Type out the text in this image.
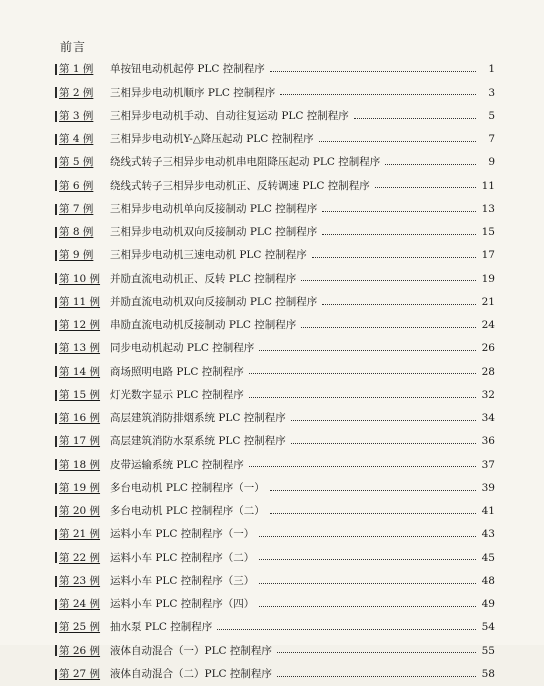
前言
第 1 例	单按钮电动机起停 PLC 控制程序	1
第 2 例	三相异步电动机顺序 PLC 控制程序	3
第 3 例	三相异步电动机手动、自动往复运动 PLC 控制程序	5
第 4 例	三相异步电动机Y-△降压起动 PLC 控制程序	7
第 5 例	绕线式转子三相异步电动机串电阻降压起动 PLC 控制程序	9
第 6 例	绕线式转子三相异步电动机正、反转调速 PLC 控制程序	11
第 7 例	三相异步电动机单向反接制动 PLC 控制程序	13
第 8 例	三相异步电动机双向反接制动 PLC 控制程序	15
第 9 例	三相异步电动机三速电动机 PLC 控制程序	17
第 10 例 并励直流电动机正、反转 PLC 控制程序	19
第 11 例 并励直流电动机双向反接制动 PLC 控制程序	21
第 12 例 串励直流电动机反接制动 PLC 控制程序	24
第 13 例 同步电动机起动 PLC 控制程序	26
第 14 例 商场照明电路 PLC 控制程序	28
第 15 例 灯光数字显示 PLC 控制程序	32
第 16 例 高层建筑消防排烟系统 PLC 控制程序	34
第 17 例 高层建筑消防水泵系统 PLC 控制程序	36
第 18 例 皮带运输系统 PLC 控制程序	37
第 19 例 多台电动机 PLC 控制程序（一）	39
第 20 例 多台电动机 PLC 控制程序（二）	41
第 21 例 运料小车 PLC 控制程序（一）	43
第 22 例 运料小车 PLC 控制程序（二）	45
第 23 例 运料小车 PLC 控制程序（三）	48
第 24 例 运料小车 PLC 控制程序（四）	49
第 25 例 抽水泵 PLC 控制程序	54
第 26 例 液体自动混合（一）PLC 控制程序	55
第 27 例 液体自动混合（二）PLC 控制程序	58
